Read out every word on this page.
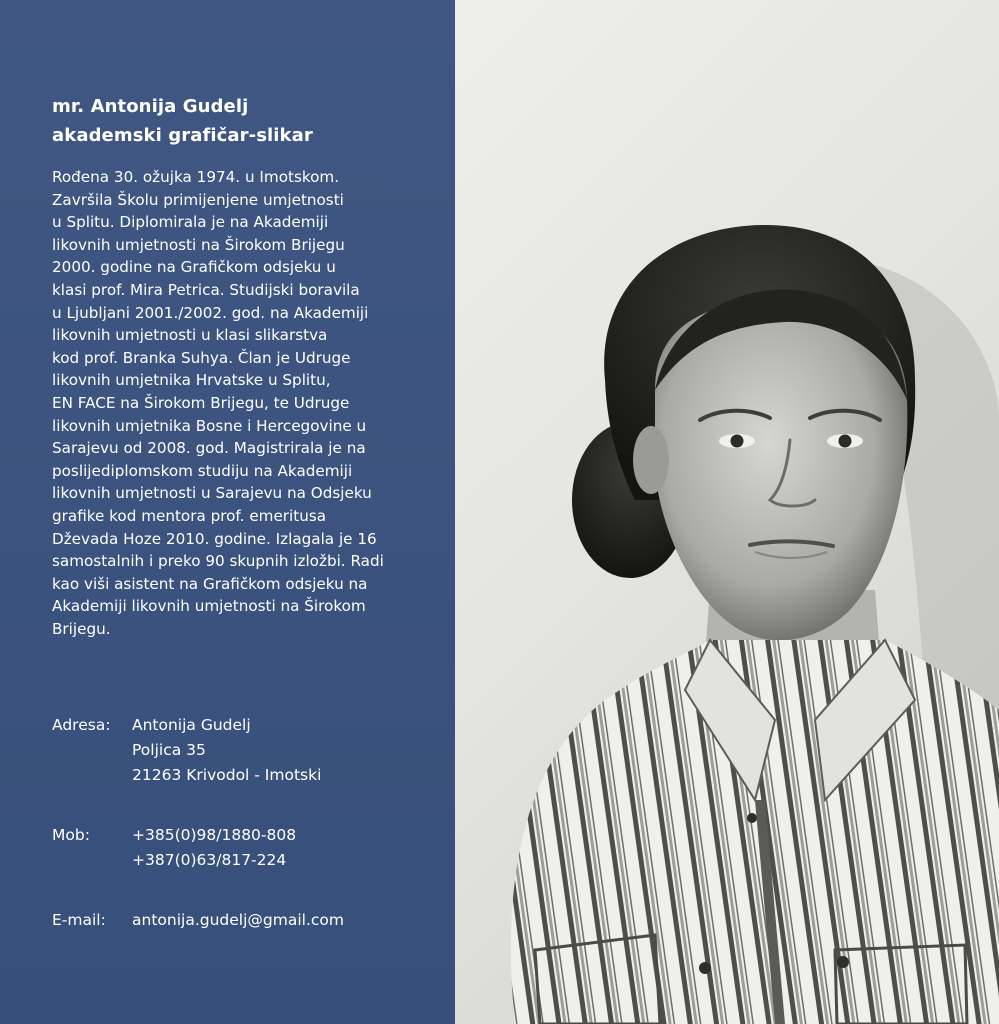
mr. Antonija Gudelj
akademski grafičar-slikar
Rođena 30. ožujka 1974. u Imotskom.
Završila Školu primijenjene umjetnosti
u Splitu. Diplomirala je na Akademiji
likovnih umjetnosti na Širokom Brijegu
2000. godine na Grafičkom odsjeku u
klasi prof. Mira Petrica. Studijski boravila
u Ljubljani 2001./2002. god. na Akademiji
likovnih umjetnosti u klasi slikarstva
kod prof. Branka Suhya. Član je Udruge
likovnih umjetnika Hrvatske u Splitu,
EN FACE na Širokom Brijegu, te Udruge
likovnih umjetnika Bosne i Hercegovine u
Sarajevu od 2008. god. Magistrirala je na
poslijediplomskom studiju na Akademiji
likovnih umjetnosti u Sarajevu na Odsjeku
grafike kod mentora prof. emeritusa
Dževada Hoze 2010. godine. Izlagala je 16
samostalnih i preko 90 skupnih izložbi. Radi
kao viši asistent na Grafičkom odsjeku na
Akademiji likovnih umjetnosti na Širokom
Brijegu.
Adresa: Antonija Gudelj
Poljica 35
21263 Krivodol - Imotski
Mob:	+385(0)98/1880-808
+387(0)63/817-224
E-mail: antonija.gudelj@gmail.com
